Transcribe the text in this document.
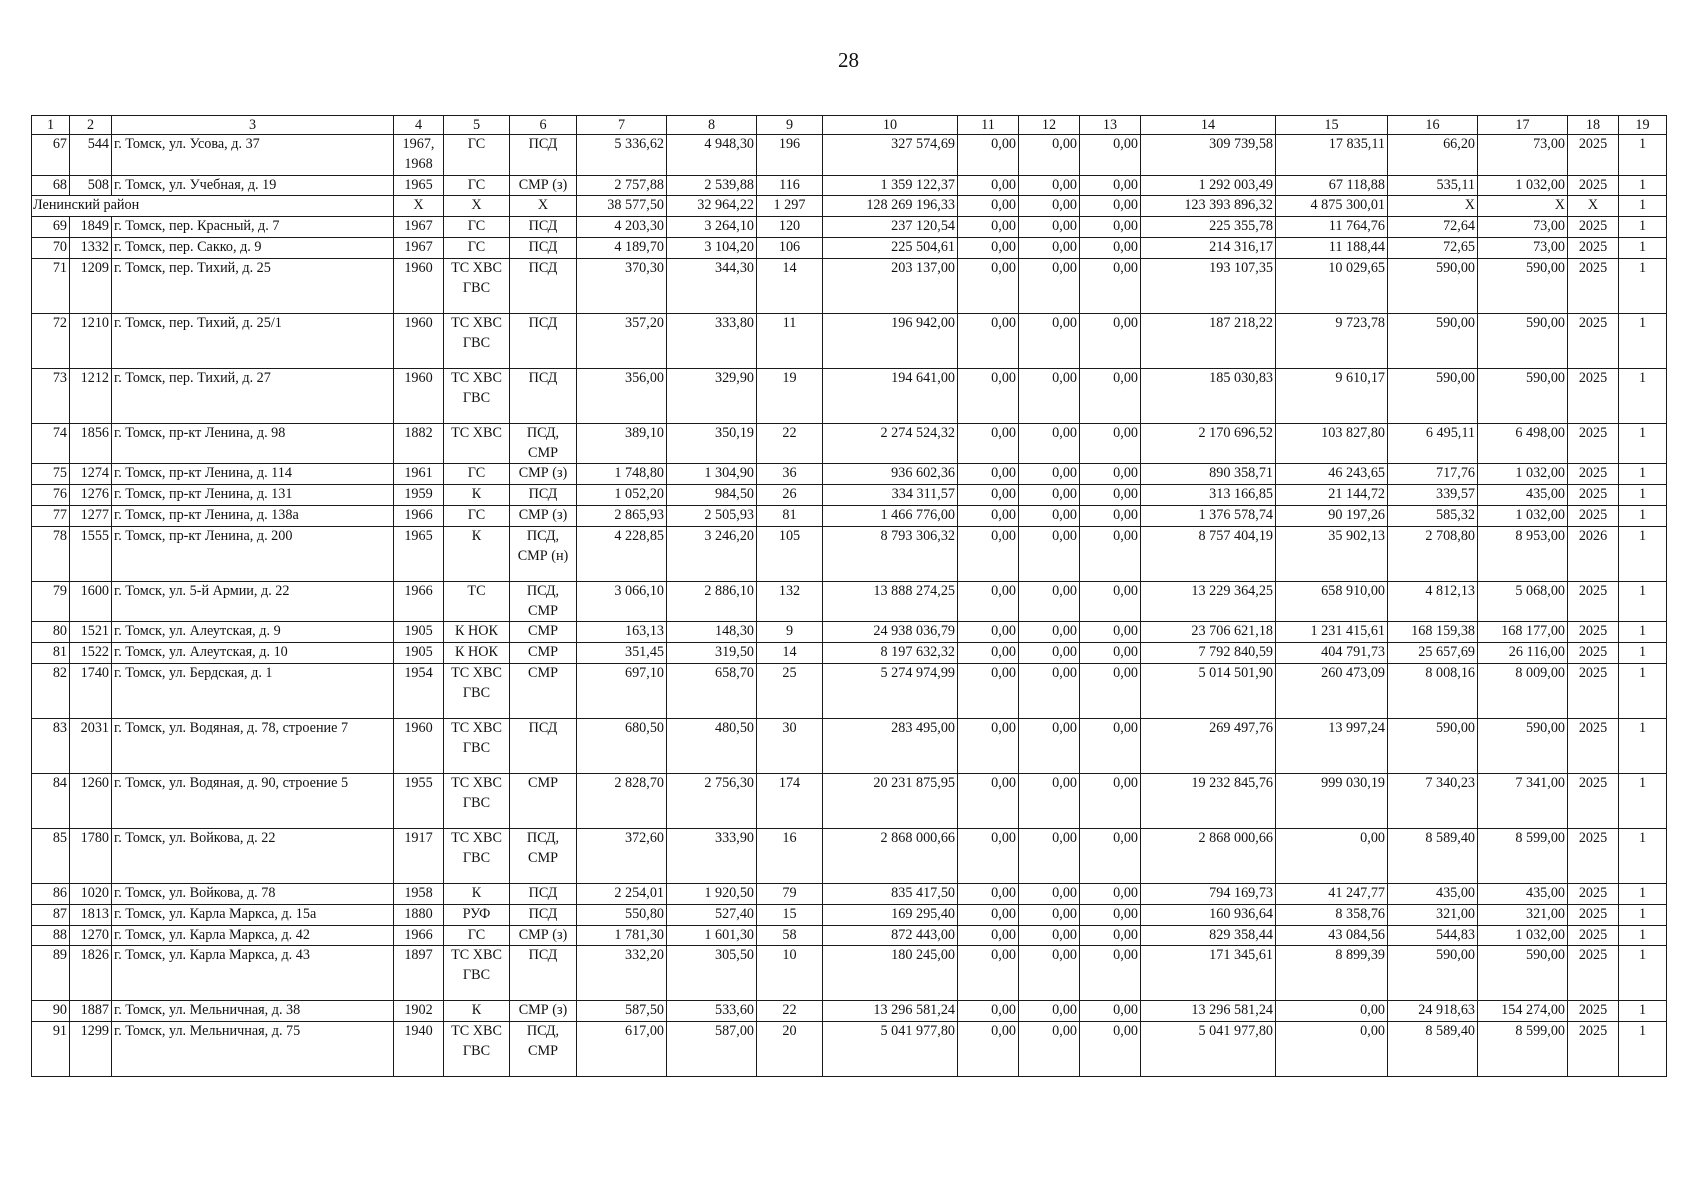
28
1	2	3	4	5	6	7	8	9	10	11	12	13	14	15	16	17	18	19
67	544	г. Томск, ул. Усова, д. 37	1967, 1968	ГС	ПСД	5 336,62	4 948,30	196	327 574,69	0,00	0,00	0,00	309 739,58	17 835,11	66,20	73,00	2025	1
68	508	г. Томск, ул. Учебная, д. 19	1965	ГС	СМР (з)	2 757,88	2 539,88	116	1 359 122,37	0,00	0,00	0,00	1 292 003,49	67 118,88	535,11	1 032,00	2025	1
Ленинский район			X	X	X	38 577,50	32 964,22	1 297	128 269 196,33	0,00	0,00	0,00	123 393 896,32	4 875 300,01	X	X	X	1
69	1849	г. Томск, пер. Красный, д. 7	1967	ГС	ПСД	4 203,30	3 264,10	120	237 120,54	0,00	0,00	0,00	225 355,78	11 764,76	72,64	73,00	2025	1
70	1332	г. Томск, пер. Сакко, д. 9	1967	ГС	ПСД	4 189,70	3 104,20	106	225 504,61	0,00	0,00	0,00	214 316,17	11 188,44	72,65	73,00	2025	1
71	1209	г. Томск, пер. Тихий, д. 25	1960	ТС ХВС ГВС	ПСД	370,30	344,30	14	203 137,00	0,00	0,00	0,00	193 107,35	10 029,65	590,00	590,00	2025	1
72	1210	г. Томск, пер. Тихий, д. 25/1	1960	ТС ХВС ГВС	ПСД	357,20	333,80	11	196 942,00	0,00	0,00	0,00	187 218,22	9 723,78	590,00	590,00	2025	1
73	1212	г. Томск, пер. Тихий, д. 27	1960	ТС ХВС ГВС	ПСД	356,00	329,90	19	194 641,00	0,00	0,00	0,00	185 030,83	9 610,17	590,00	590,00	2025	1
74	1856	г. Томск, пр-кт Ленина, д. 98	1882	ТС ХВС	ПСД, СМР	389,10	350,19	22	2 274 524,32	0,00	0,00	0,00	2 170 696,52	103 827,80	6 495,11	6 498,00	2025	1
75	1274	г. Томск, пр-кт Ленина, д. 114	1961	ГС	СМР (з)	1 748,80	1 304,90	36	936 602,36	0,00	0,00	0,00	890 358,71	46 243,65	717,76	1 032,00	2025	1
76	1276	г. Томск, пр-кт Ленина, д. 131	1959	К	ПСД	1 052,20	984,50	26	334 311,57	0,00	0,00	0,00	313 166,85	21 144,72	339,57	435,00	2025	1
77	1277	г. Томск, пр-кт Ленина, д. 138а	1966	ГС	СМР (з)	2 865,93	2 505,93	81	1 466 776,00	0,00	0,00	0,00	1 376 578,74	90 197,26	585,32	1 032,00	2025	1
78	1555	г. Томск, пр-кт Ленина, д. 200	1965	К	ПСД, СМР (н)	4 228,85	3 246,20	105	8 793 306,32	0,00	0,00	0,00	8 757 404,19	35 902,13	2 708,80	8 953,00	2026	1
79	1600	г. Томск, ул. 5-й Армии, д. 22	1966	ТС	ПСД, СМР	3 066,10	2 886,10	132	13 888 274,25	0,00	0,00	0,00	13 229 364,25	658 910,00	4 812,13	5 068,00	2025	1
80	1521	г. Томск, ул. Алеутская, д. 9	1905	К НОК	СМР	163,13	148,30	9	24 938 036,79	0,00	0,00	0,00	23 706 621,18	1 231 415,61	168 159,38	168 177,00	2025	1
81	1522	г. Томск, ул. Алеутская, д. 10	1905	К НОК	СМР	351,45	319,50	14	8 197 632,32	0,00	0,00	0,00	7 792 840,59	404 791,73	25 657,69	26 116,00	2025	1
82	1740	г. Томск, ул. Бердская, д. 1	1954	ТС ХВС ГВС	СМР	697,10	658,70	25	5 274 974,99	0,00	0,00	0,00	5 014 501,90	260 473,09	8 008,16	8 009,00	2025	1
83	2031	г. Томск, ул. Водяная, д. 78, строение 7	1960	ТС ХВС ГВС	ПСД	680,50	480,50	30	283 495,00	0,00	0,00	0,00	269 497,76	13 997,24	590,00	590,00	2025	1
84	1260	г. Томск, ул. Водяная, д. 90, строение 5	1955	ТС ХВС ГВС	СМР	2 828,70	2 756,30	174	20 231 875,95	0,00	0,00	0,00	19 232 845,76	999 030,19	7 340,23	7 341,00	2025	1
85	1780	г. Томск, ул. Войкова, д. 22	1917	ТС ХВС ГВС	ПСД, СМР	372,60	333,90	16	2 868 000,66	0,00	0,00	0,00	2 868 000,66	0,00	8 589,40	8 599,00	2025	1
86	1020	г. Томск, ул. Войкова, д. 78	1958	К	ПСД	2 254,01	1 920,50	79	835 417,50	0,00	0,00	0,00	794 169,73	41 247,77	435,00	435,00	2025	1
87	1813	г. Томск, ул. Карла Маркса, д. 15а	1880	РУФ	ПСД	550,80	527,40	15	169 295,40	0,00	0,00	0,00	160 936,64	8 358,76	321,00	321,00	2025	1
88	1270	г. Томск, ул. Карла Маркса, д. 42	1966	ГС	СМР (з)	1 781,30	1 601,30	58	872 443,00	0,00	0,00	0,00	829 358,44	43 084,56	544,83	1 032,00	2025	1
89	1826	г. Томск, ул. Карла Маркса, д. 43	1897	ТС ХВС ГВС	ПСД	332,20	305,50	10	180 245,00	0,00	0,00	0,00	171 345,61	8 899,39	590,00	590,00	2025	1
90	1887	г. Томск, ул. Мельничная, д. 38	1902	К	СМР (з)	587,50	533,60	22	13 296 581,24	0,00	0,00	0,00	13 296 581,24	0,00	24 918,63	154 274,00	2025	1
91	1299	г. Томск, ул. Мельничная, д. 75	1940	ТС ХВС ГВС	ПСД, СМР	617,00	587,00	20	5 041 977,80	0,00	0,00	0,00	5 041 977,80	0,00	8 589,40	8 599,00	2025	1
